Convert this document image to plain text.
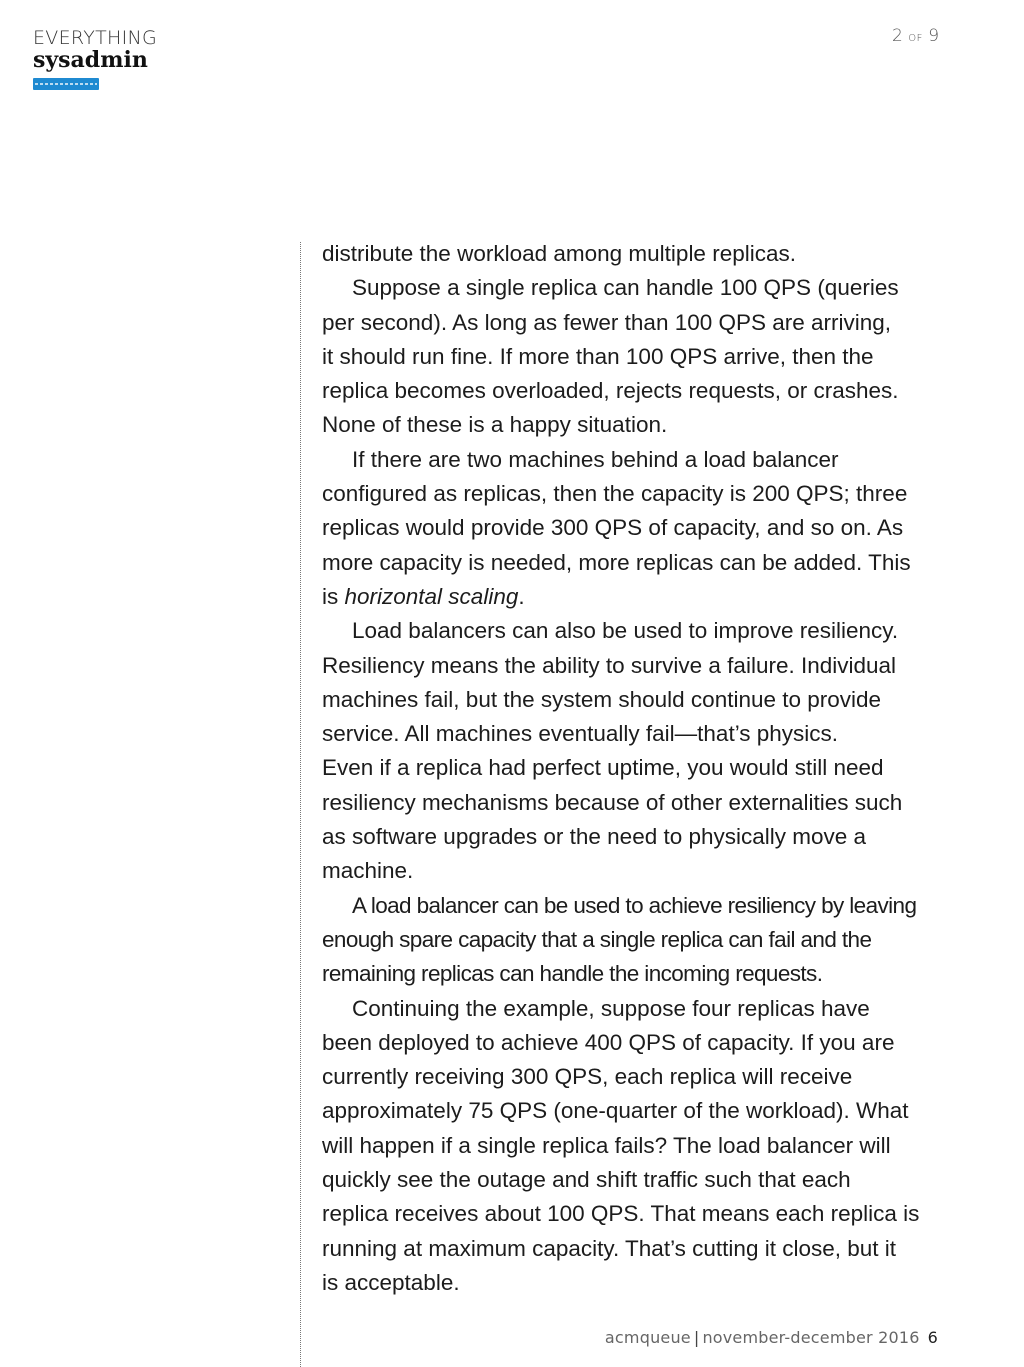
EVERYTHING
sysadmin
2 OF 9

distribute the workload among multiple replicas.

Suppose a single replica can handle 100 QPS (queries

per second). As long as fewer than 100 QPS are arriving,

it should run fine. If more than 100 QPS arrive, then the

replica becomes overloaded, rejects requests, or crashes.

None of these is a happy situation.

If there are two machines behind a load balancer

configured as replicas, then the capacity is 200 QPS; three

replicas would provide 300 QPS of capacity, and so on. As

more capacity is needed, more replicas can be added. This

is horizontal scaling.

Load balancers can also be used to improve resiliency.

Resiliency means the ability to survive a failure. Individual

machines fail, but the system should continue to provide

service. All machines eventually fail—that’s physics.

Even if a replica had perfect uptime, you would still need

resiliency mechanisms because of other externalities such

as software upgrades or the need to physically move a

machine.

A load balancer can be used to achieve resiliency by leaving

enough spare capacity that a single replica can fail and the

remaining replicas can handle the incoming requests.

Continuing the example, suppose four replicas have

been deployed to achieve 400 QPS of capacity. If you are

currently receiving 300 QPS, each replica will receive

approximately 75 QPS (one-quarter of the workload). What

will happen if a single replica fails? The load balancer will

quickly see the outage and shift traffic such that each

replica receives about 100 QPS. That means each replica is

running at maximum capacity. That’s cutting it close, but it

is acceptable.

acmqueue | november-december 2016 6
